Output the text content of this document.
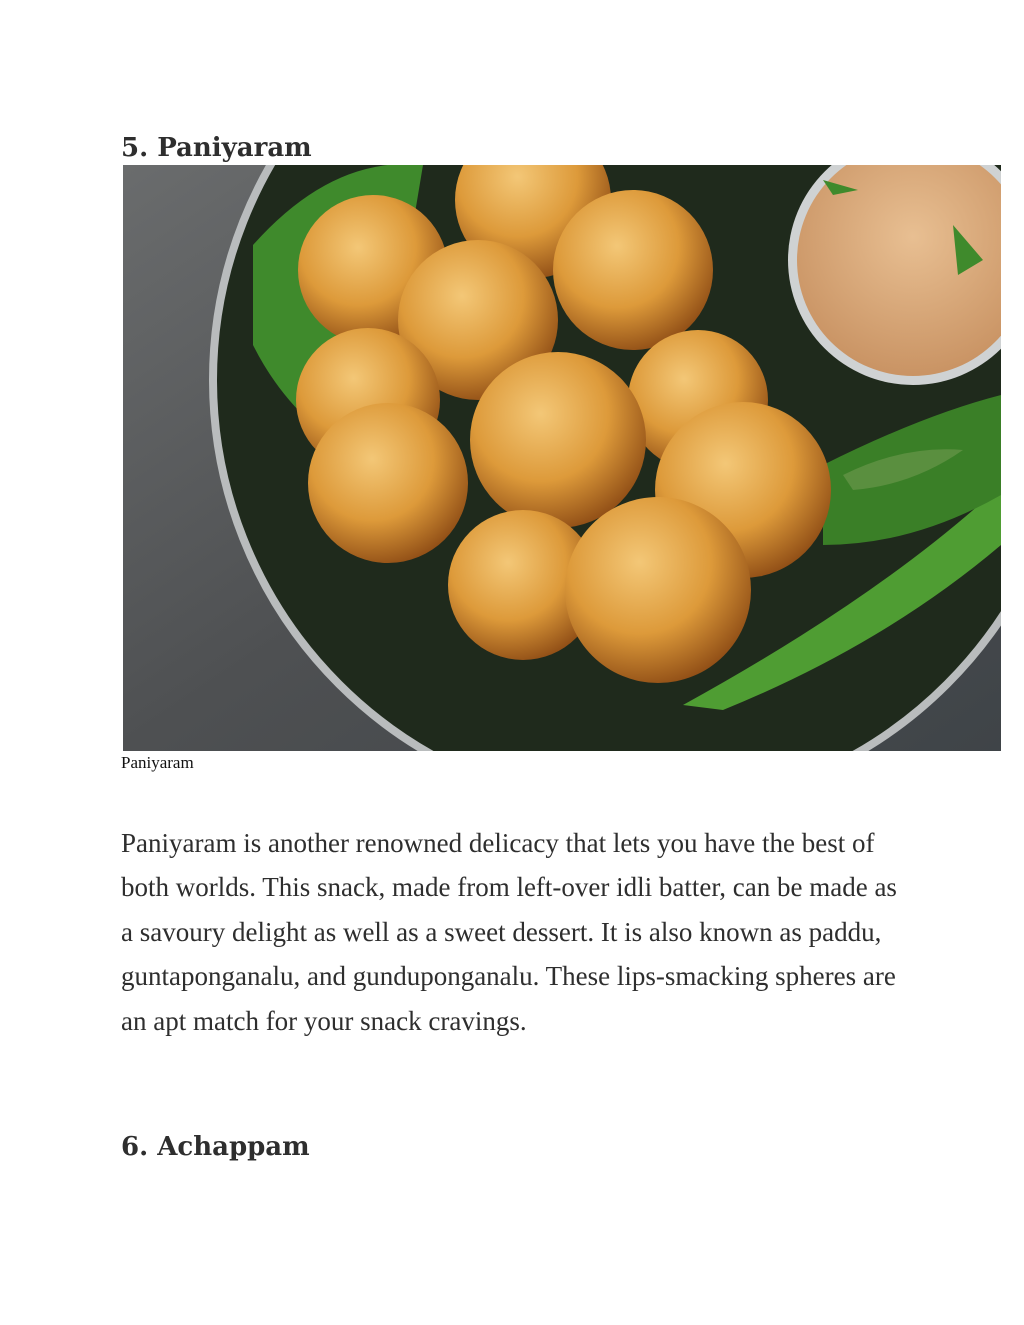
5. Paniyaram
Paniyaram

Paniyaram is another renowned delicacy that lets you have the best of both worlds. This snack, made from left-over idli batter, can be made as a savoury delight as well as a sweet dessert. It is also known as paddu, guntaponganalu, and gunduponganalu. These lips-smacking spheres are an apt match for your snack cravings.

6. Achappam
